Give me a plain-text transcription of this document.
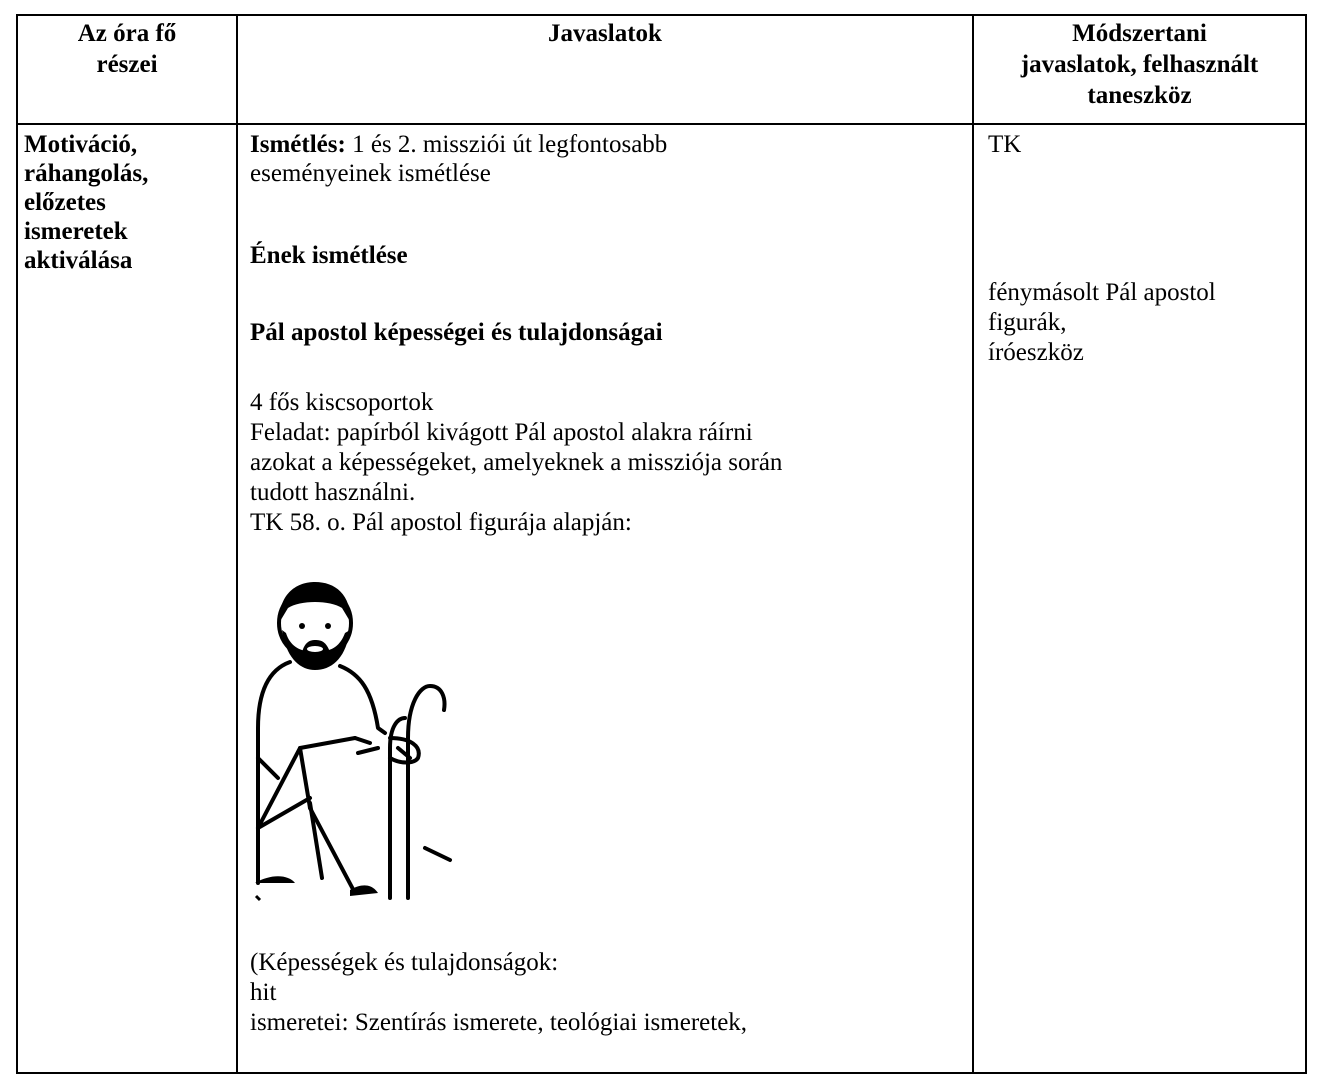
Az óra fő
részei
Javaslatok	Módszertani
javaslatok, felhasznált
taneszköz
Motiváció,
ráhangolás,
előzetes
ismeretek
aktiválása
Ismétlés: 1 és 2. missziói út legfontosabb
eseményeinek ismétlése
Ének ismétlése
Pál apostol képességei és tulajdonságai
4 fős kiscsoportok
Feladat: papírból kivágott Pál apostol alakra ráírni
azokat a képességeket, amelyeknek a missziója során
tudott használni.
TK 58. o. Pál apostol figurája alapján:
(Képességek és tulajdonságok:
hit
ismeretei: Szentírás ismerete, teológiai ismeretek,
TK
fénymásolt Pál apostol
figurák,
íróeszköz
